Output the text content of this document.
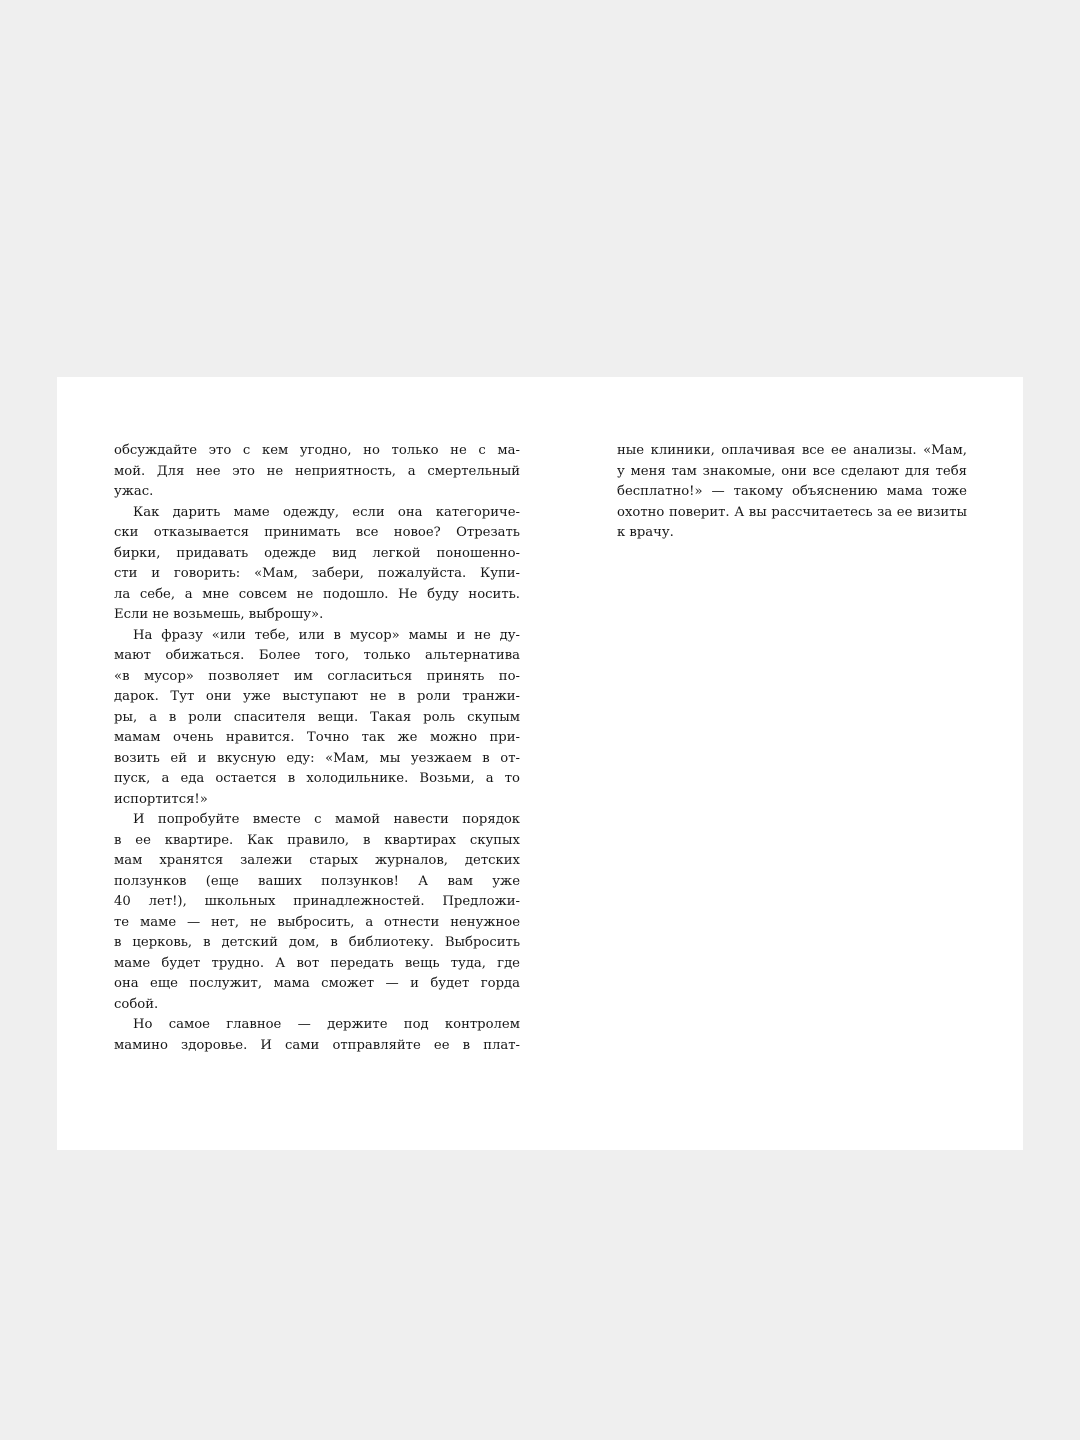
обсуждайте это с кем угодно, но только не с ма-
мой. Для нее это не неприятность, а смертельный
ужас.
Как дарить маме одежду, если она категориче-
ски отказывается принимать все новое? Отрезать
бирки, придавать одежде вид легкой поношенно-
сти и говорить: «Мам, забери, пожалуйста. Купи-
ла себе, а мне совсем не подошло. Не буду носить.
Если не возьмешь, выброшу».
На фразу «или тебе, или в мусор» мамы и не ду-
мают обижаться. Более того, только альтернатива
«в мусор» позволяет им согласиться принять по-
дарок. Тут они уже выступают не в роли транжи-
ры, а в роли спасителя вещи. Такая роль скупым
мамам очень нравится. Точно так же можно при-
возить ей и вкусную еду: «Мам, мы уезжаем в от-
пуск, а еда остается в холодильнике. Возьми, а то
испортится!»
И попробуйте вместе с мамой навести порядок
в ее квартире. Как правило, в квартирах скупых
мам хранятся залежи старых журналов, детских
ползунков (еще ваших ползунков! А вам уже
40 лет!), школьных принадлежностей. Предложи-
те маме — нет, не выбросить, а отнести ненужное
в церковь, в детский дом, в библиотеку. Выбросить
маме будет трудно. А вот передать вещь туда, где
она еще послужит, мама сможет — и будет горда
собой.
Но самое главное — держите под контролем
мамино здоровье. И сами отправляйте ее в плат-
ные клиники, оплачивая все ее анализы. «Мам,
у меня там знакомые, они все сделают для тебя
бесплатно!» — такому объяснению мама тоже
охотно поверит. А вы рассчитаетесь за ее визиты
к врачу.
